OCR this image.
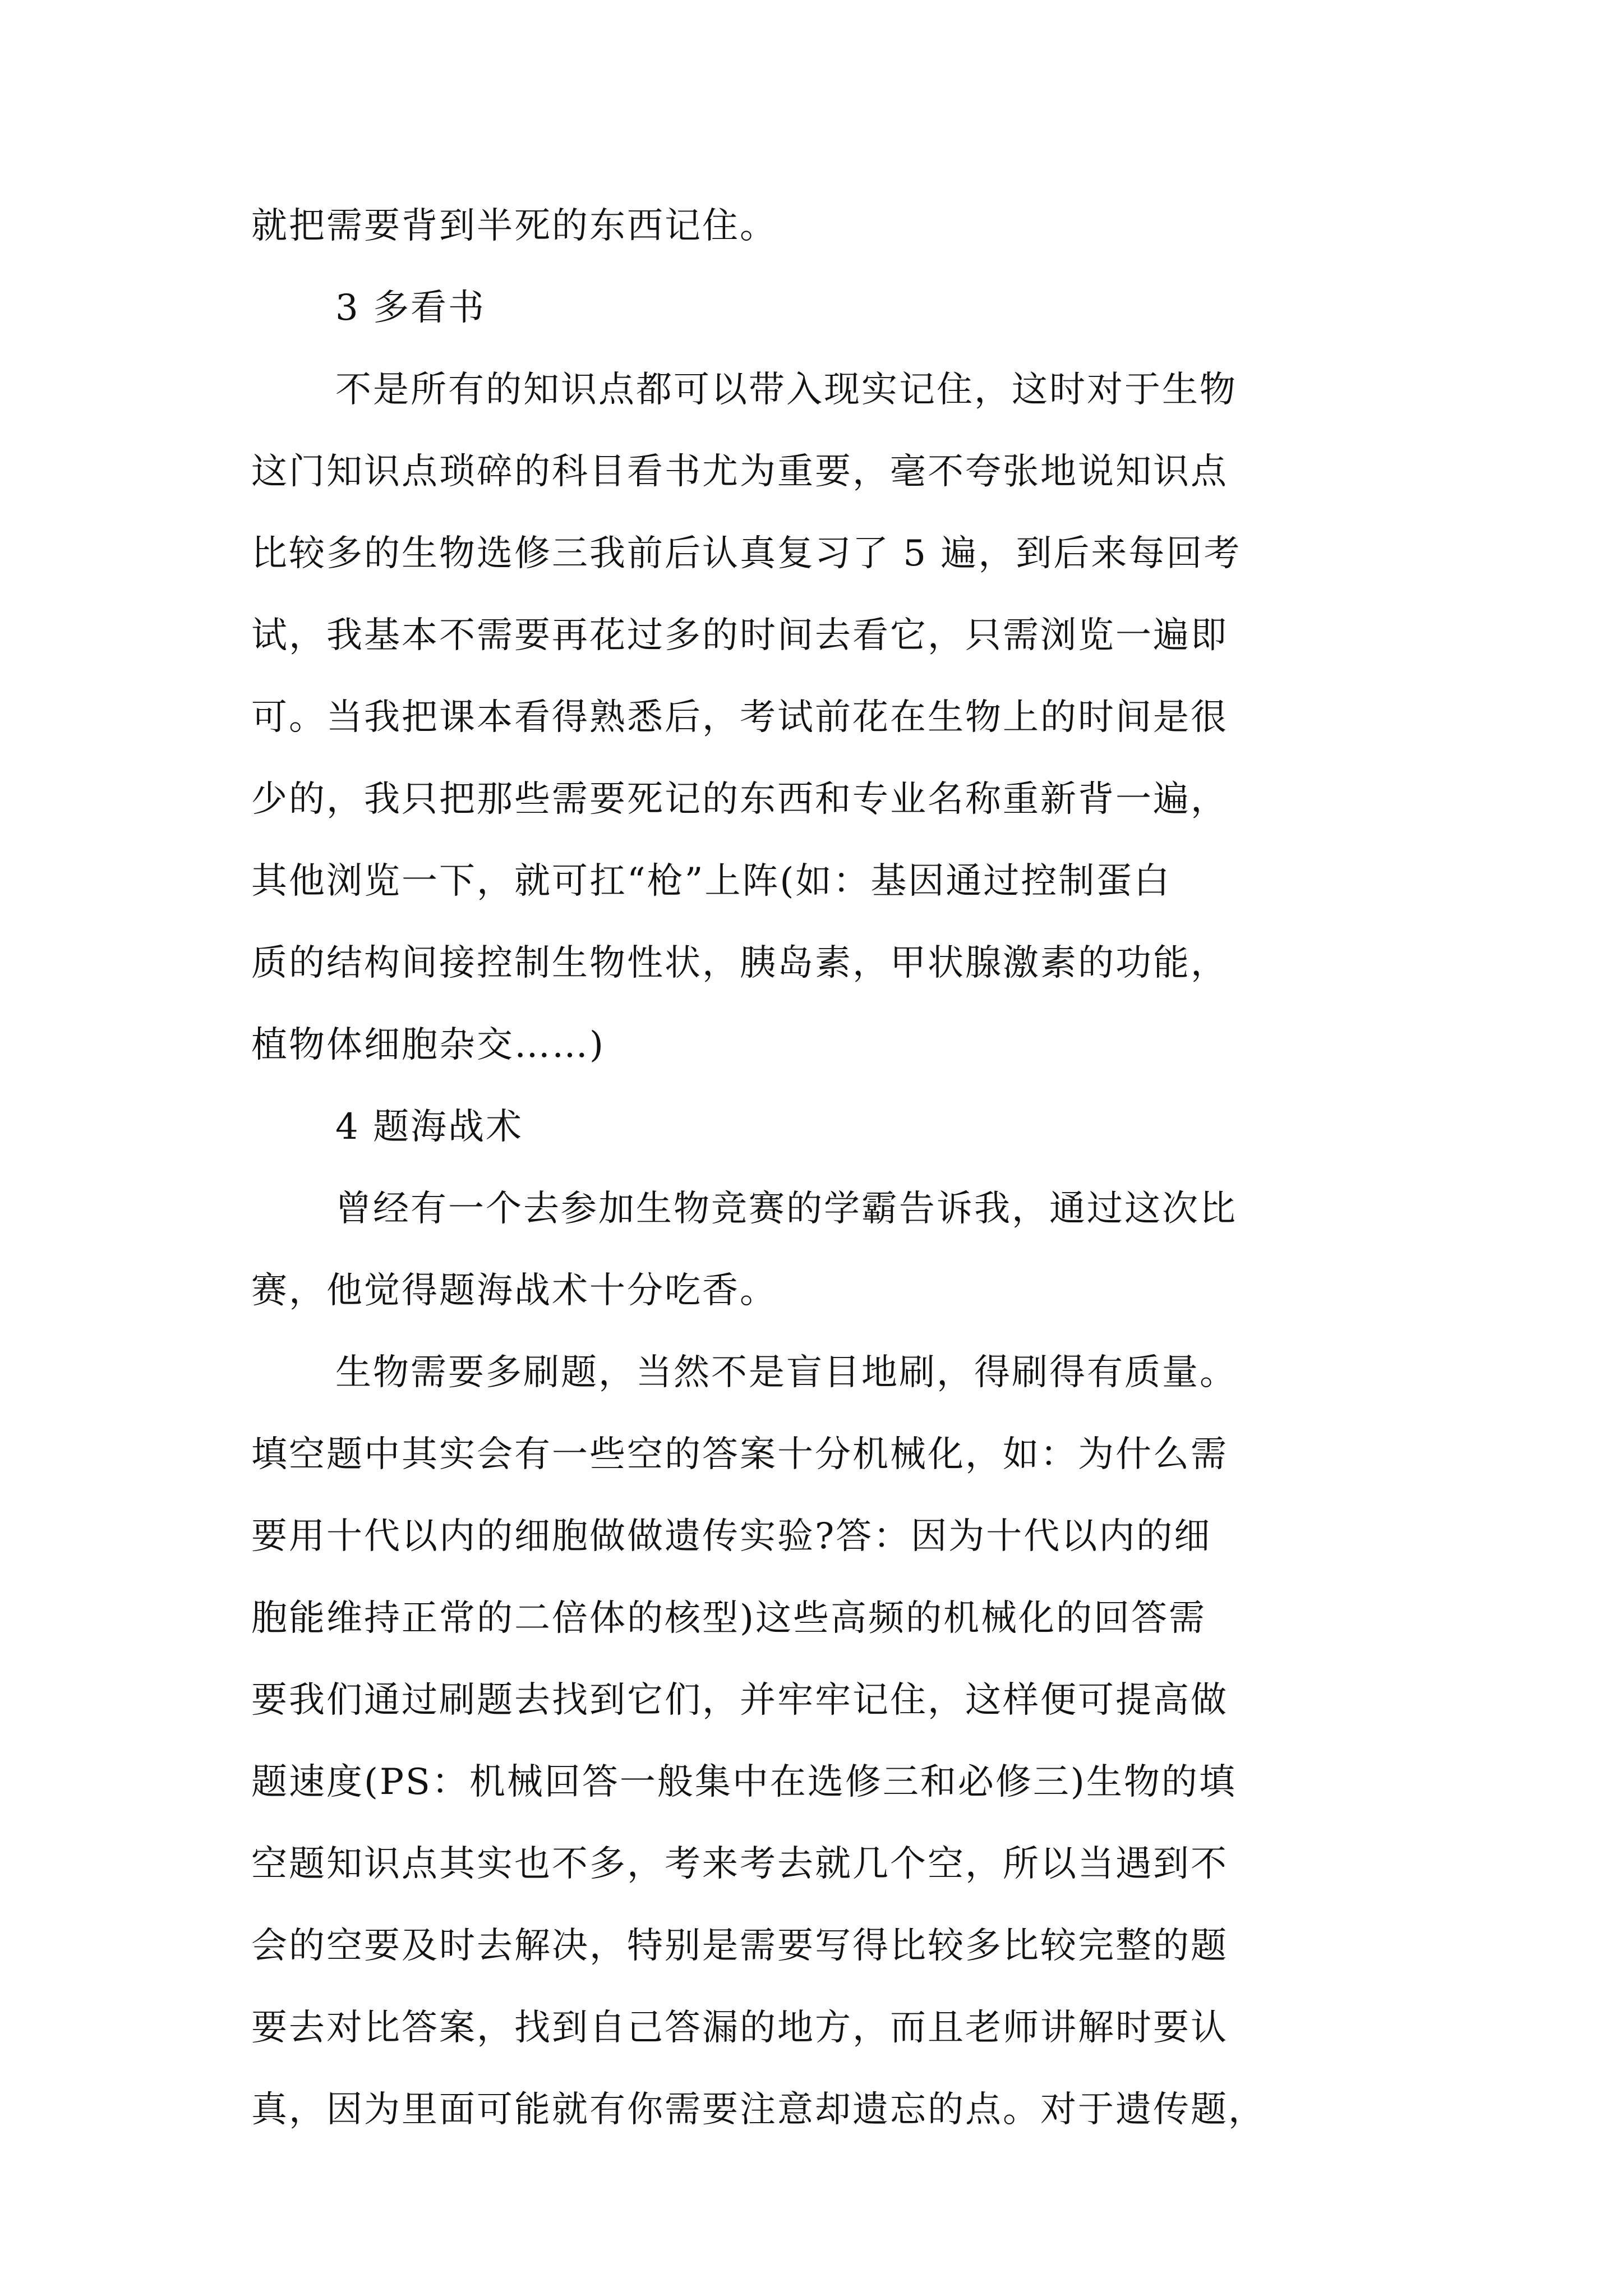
就把需要背到半死的东西记住。
3 多看书
不是所有的知识点都可以带入现实记住，这时对于生物
这门知识点琐碎的科目看书尤为重要，毫不夸张地说知识点
比较多的生物选修三我前后认真复习了 5 遍，到后来每回考
试，我基本不需要再花过多的时间去看它，只需浏览一遍即
可。当我把课本看得熟悉后，考试前花在生物上的时间是很
少的，我只把那些需要死记的东西和专业名称重新背一遍，
其他浏览一下，就可扛“枪”上阵(如：基因通过控制蛋白
质的结构间接控制生物性状，胰岛素，甲状腺激素的功能，
植物体细胞杂交……)
4 题海战术
曾经有一个去参加生物竞赛的学霸告诉我，通过这次比
赛，他觉得题海战术十分吃香。
生物需要多刷题，当然不是盲目地刷，得刷得有质量。
填空题中其实会有一些空的答案十分机械化，如：为什么需
要用十代以内的细胞做做遗传实验?答：因为十代以内的细
胞能维持正常的二倍体的核型)这些高频的机械化的回答需
要我们通过刷题去找到它们，并牢牢记住，这样便可提高做
题速度(PS：机械回答一般集中在选修三和必修三)生物的填
空题知识点其实也不多，考来考去就几个空，所以当遇到不
会的空要及时去解决，特别是需要写得比较多比较完整的题
要去对比答案，找到自己答漏的地方，而且老师讲解时要认
真，因为里面可能就有你需要注意却遗忘的点。对于遗传题，
